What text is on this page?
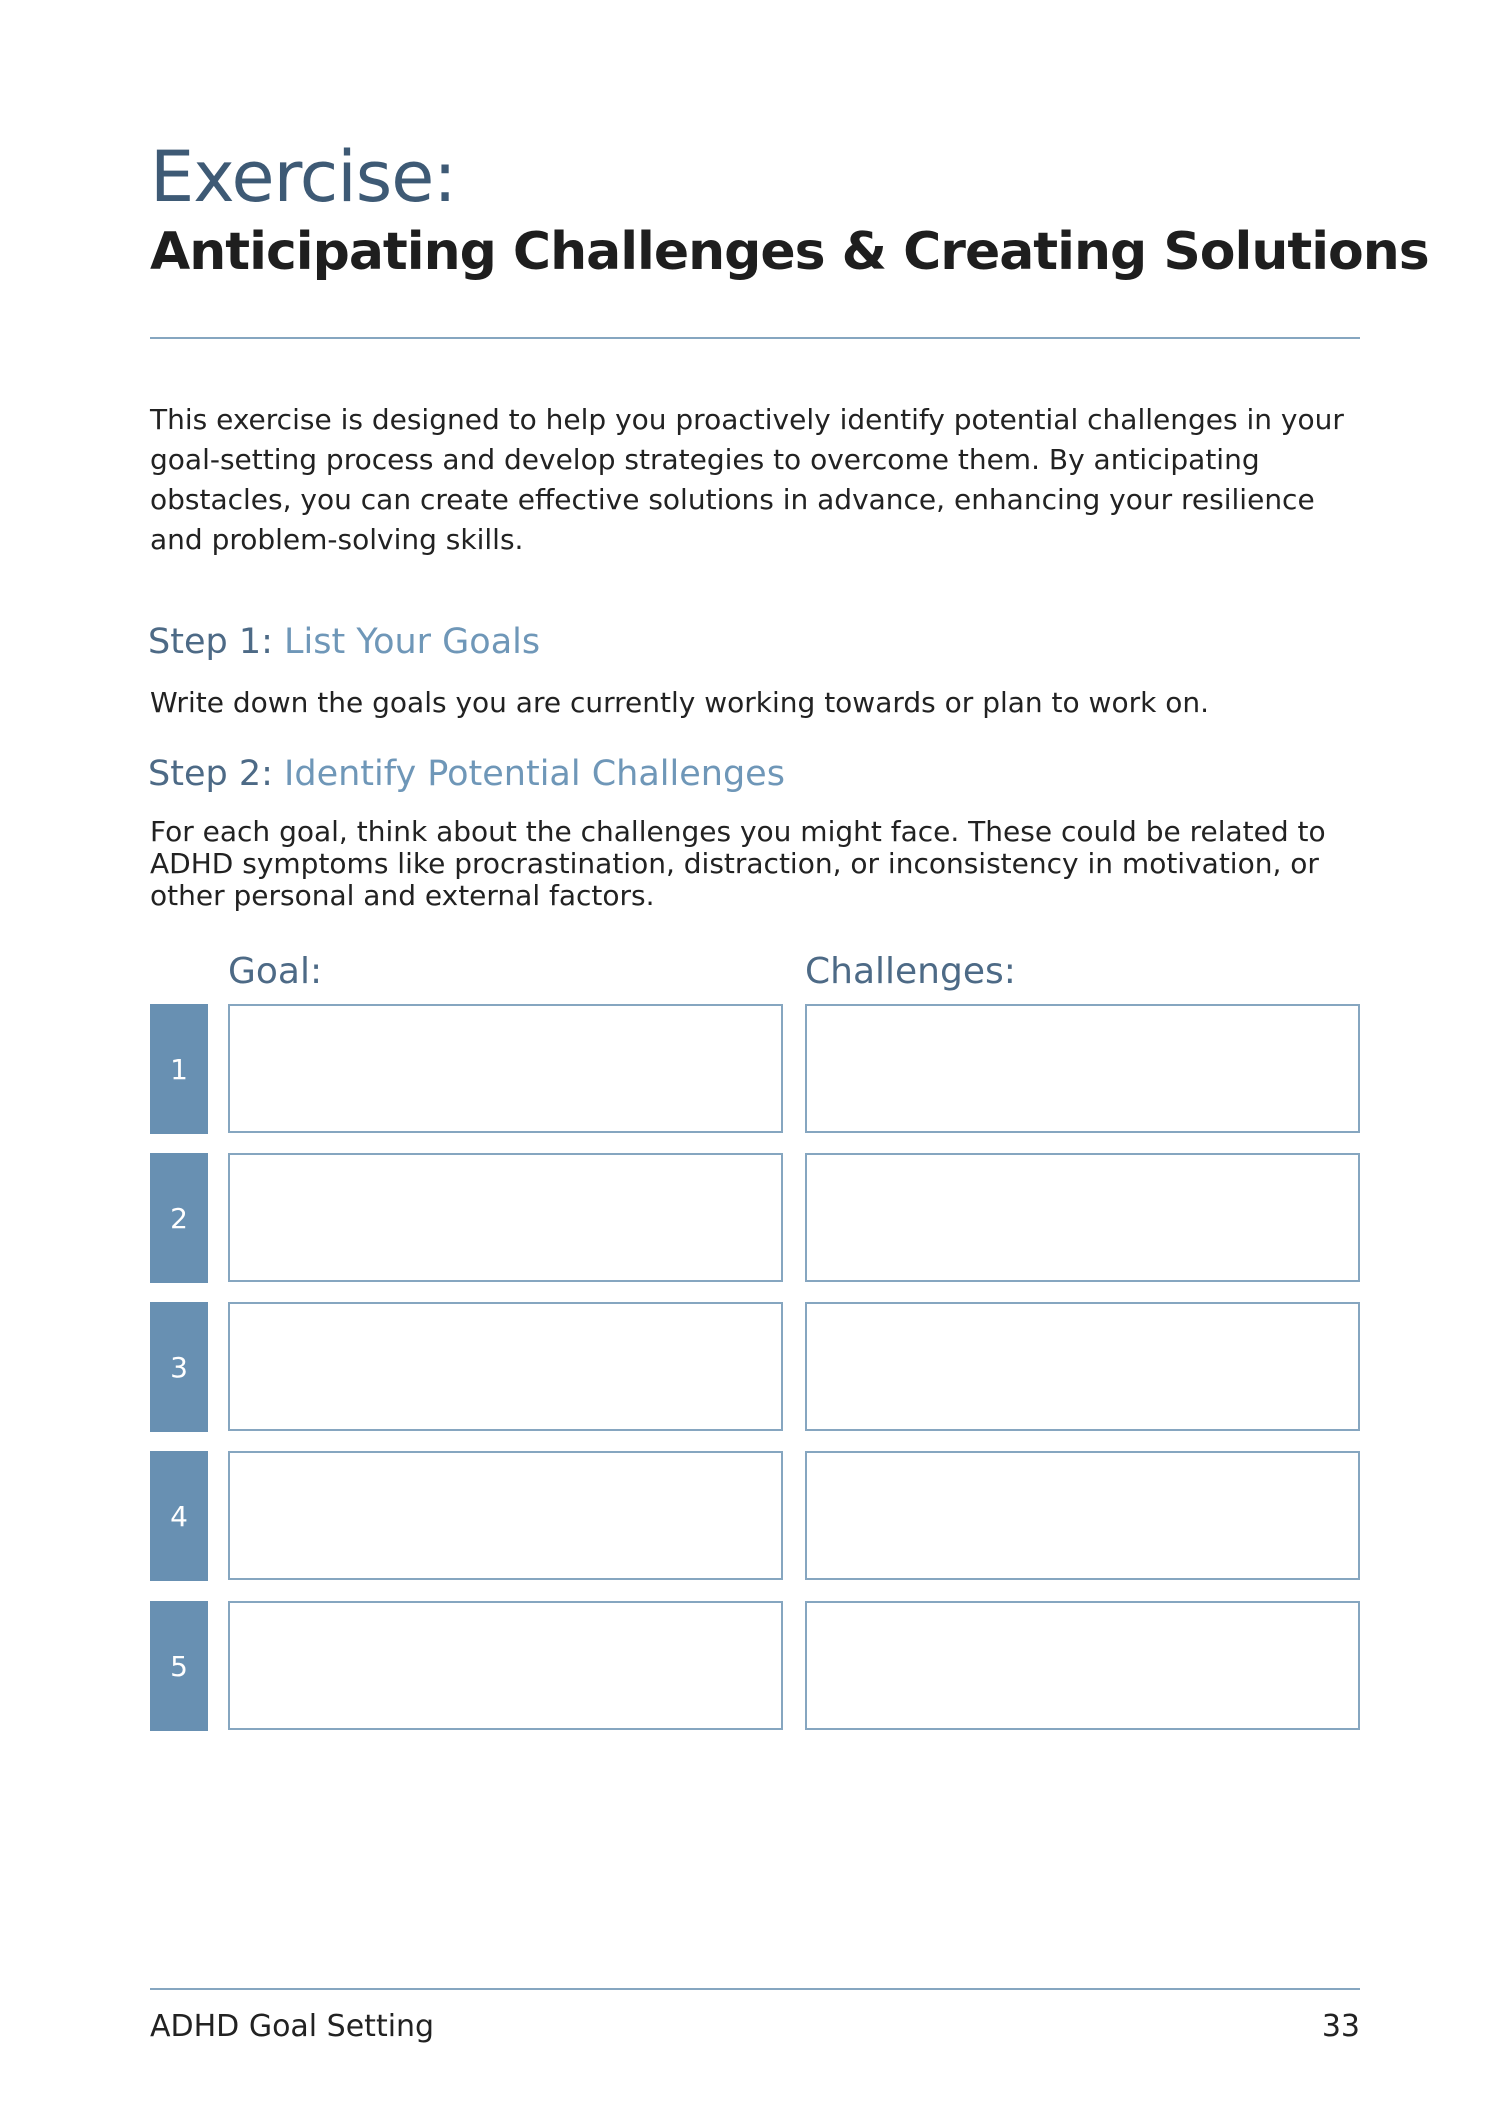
Exercise:
Anticipating Challenges & Creating Solutions

This exercise is designed to help you proactively identify potential challenges in your goal-setting process and develop strategies to overcome them. By anticipating obstacles, you can create effective solutions in advance, enhancing your resilience and problem-solving skills.

Step 1: List Your Goals

Write down the goals you are currently working towards or plan to work on.

Step 2: Identify Potential Challenges

For each goal, think about the challenges you might face. These could be related to ADHD symptoms like procrastination, distraction, or inconsistency in motivation, or other personal and external factors.

Goal:	Challenges:
1
2
3
4
5
ADHD Goal Setting	33
